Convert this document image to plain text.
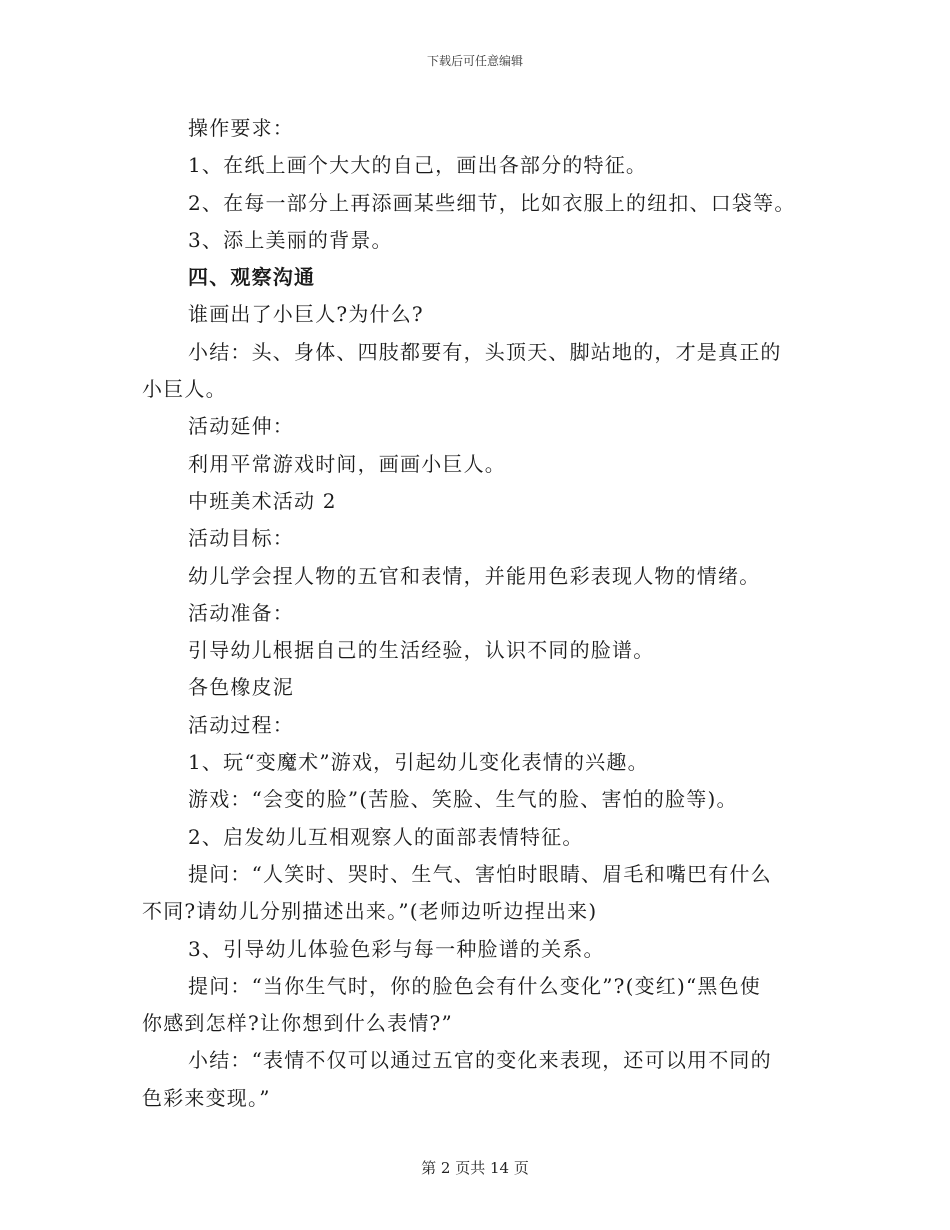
下载后可任意编辑
操作要求：
1、在纸上画个大大的自己，画出各部分的特征。
2、在每一部分上再添画某些细节，比如衣服上的纽扣、口袋等。
3、添上美丽的背景。
四、观察沟通
谁画出了小巨人?为什么?
小结：头、身体、四肢都要有，头顶天、脚站地的，才是真正的
小巨人。
活动延伸：
利用平常游戏时间，画画小巨人。
中班美术活动 2
活动目标：
幼儿学会捏人物的五官和表情，并能用色彩表现人物的情绪。
活动准备：
引导幼儿根据自己的生活经验，认识不同的脸谱。
各色橡皮泥
活动过程：
1、玩“变魔术”游戏，引起幼儿变化表情的兴趣。
游戏：“会变的脸”(苦脸、笑脸、生气的脸、害怕的脸等)。
2、启发幼儿互相观察人的面部表情特征。
提问：“人笑时、哭时、生气、害怕时眼睛、眉毛和嘴巴有什么
不同?请幼儿分别描述出来。”(老师边听边捏出来)
3、引导幼儿体验色彩与每一种脸谱的关系。
提问：“当你生气时，你的脸色会有什么变化”?(变红)“黑色使
你感到怎样?让你想到什么表情?”
小结：“表情不仅可以通过五官的变化来表现，还可以用不同的
色彩来变现。”
第 2 页共 14 页
